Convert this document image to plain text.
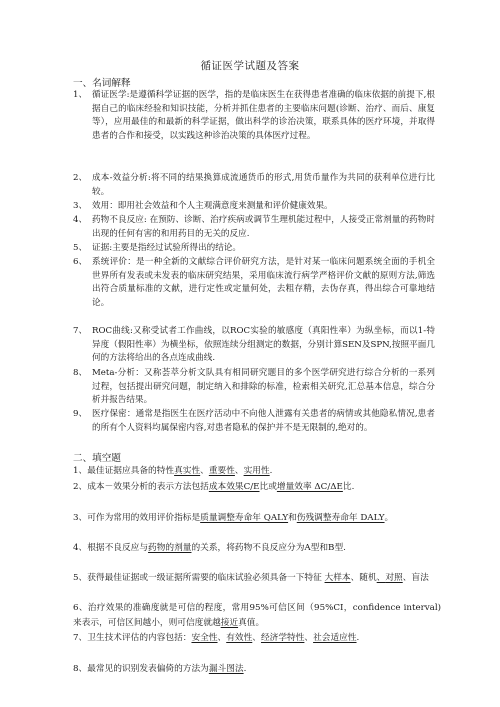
循证医学试题及答案
一、名词解释
1、 循证医学:是遵循科学证据的医学，指的是临床医生在获得患者准确的临床依据的前提下,根据自己的临床经验和知识技能，分析并抓住患者的主要临床问题(诊断、治疗、而后、康复等），应用最佳的和最新的科学证据，做出科学的诊治决策，联系具体的医疗环境，并取得患者的合作和接受，以实践这种诊治决策的具体医疗过程。
2、 成本-效益分析:将不同的结果换算成流通货币的形式,用货币量作为共同的获利单位进行比较。
3、 效用：即用社会效益和个人主观满意度来测量和评价健康效果。
4、 药物不良反应: 在预防、诊断、治疗疾病或调节生理机能过程中，人接受正常剂量的药物时出现的任何有害的和用药目的无关的反应.
5、 证据:主要是指经过试验所得出的结论。
6、 系统评价：是一种全新的文献综合评价研究方法，是针对某一临床问题系统全面的手机全世界所有发表或未发表的临床研究结果，采用临床流行病学严格评价文献的原则方法,筛选出符合质量标准的文献，进行定性或定量何处，去粗存精，去伪存真，得出综合可靠地结论。
7、 ROC曲线:又称受试者工作曲线，以ROC实验的敏感度（真阳性率）为纵坐标，而以1-特异度（假阳性率）为横坐标，依照连续分组测定的数据，分别计算SEN及SPN,按照平面几何的方法将给出的各点连成曲线.
8、 Meta-分析：又称荟萃分析文队具有相同研究题目的多个医学研究进行综合分析的一系列过程，包括提出研究问题，制定纳入和排除的标准，检索相关研究,汇总基本信息，综合分析并报告结果。
9、 医疗保密：通常是指医生在医疗活动中不向他人泄露有关患者的病情或其他隐私情况,患者的所有个人资料均属保密内容,对患者隐私的保护并不是无限制的,绝对的。
二、填空题
1、最佳证据应具备的特性真实性、重要性、实用性.
2、成本－效果分析的表示方法包括成本效果C/E比或增量效率 ΔC/ΔE比.
3、可作为常用的效用评价指标是质量调整寿命年 QALY和伤残调整寿命年 DALY。
4、根据不良反应与药物的剂量的关系，将药物不良反应分为A型和B型.
5、获得最佳证据或一级证据所需要的临床试验必须具备一下特征 大样本、随机、对照、盲法
6、治疗效果的准确度就是可信的程度，常用95%可信区间（95%CI，confidence interval)来表示，可信区间越小，则可信度就越接近真值。
7、卫生技术评估的内容包括：安全性、有效性、经济学特性、社会适应性.
8、最常见的识别发表偏倚的方法为漏斗图法.
